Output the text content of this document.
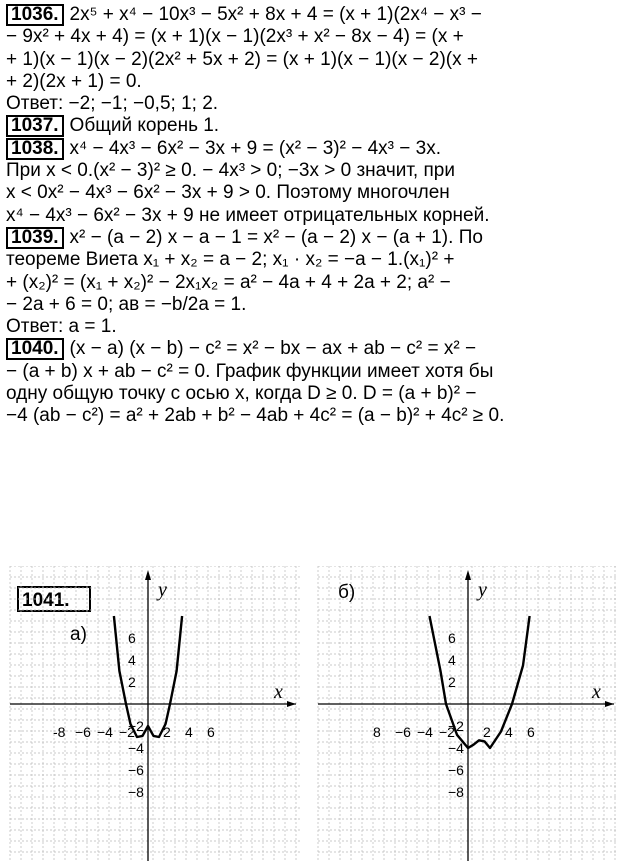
1036. 2x⁵ + x⁴ − 10x³ − 5x² + 8x + 4 = (x + 1)(2x⁴ − x³ −
− 9x² + 4x + 4) = (x + 1)(x − 1)(2x³ + x² − 8x − 4) = (x +
+ 1)(x − 1)(x − 2)(2x² + 5x + 2) = (x + 1)(x − 1)(x − 2)(x +
+ 2)(2x + 1) = 0.
Ответ: −2; −1; −0,5; 1; 2.
1037. Общий корень 1.
1038. x⁴ − 4x³ − 6x² − 3x + 9 = (x² − 3)² − 4x³ − 3x.
При x < 0.(x² − 3)² ≥ 0. − 4x³ > 0; −3x > 0 значит, при
x < 0x² − 4x³ − 6x² − 3x + 9 > 0. Поэтому многочлен
x⁴ − 4x³ − 6x² − 3x + 9 не имеет отрицательных корней.
1039. x² − (a − 2) x − a − 1 = x² − (a − 2) x − (a + 1). По
теореме Виета x₁ + x₂ = a − 2; x₁ · x₂ = −a − 1.(x₁)² +
+ (x₂)² = (x₁ + x₂)² − 2x₁x₂ = a² − 4a + 4 + 2a + 2; a² −
− 2a + 6 = 0; aв = −b/2a = 1.
Ответ: a = 1.
1040. (x − a) (x − b) − c² = x² − bx − ax + ab − c² = x² −
− (a + b) x + ab − c² = 0. График функции имеет хотя бы
одну общую точку с осью x, когда D ≥ 0. D = (a + b)² −
−4 (ab − c²) = a² + 2ab + b² − 4ab + 4c² = (a − b)² + 4c² ≥ 0.
1041.
x
y
а)
-8 −6 −4 −2 2 4 6
6
4
2
−2
−4
−6
−8
x
y
б)
8 −6 −4 −2 2 4 6
6
4
2
−2
−4
−6
−8
